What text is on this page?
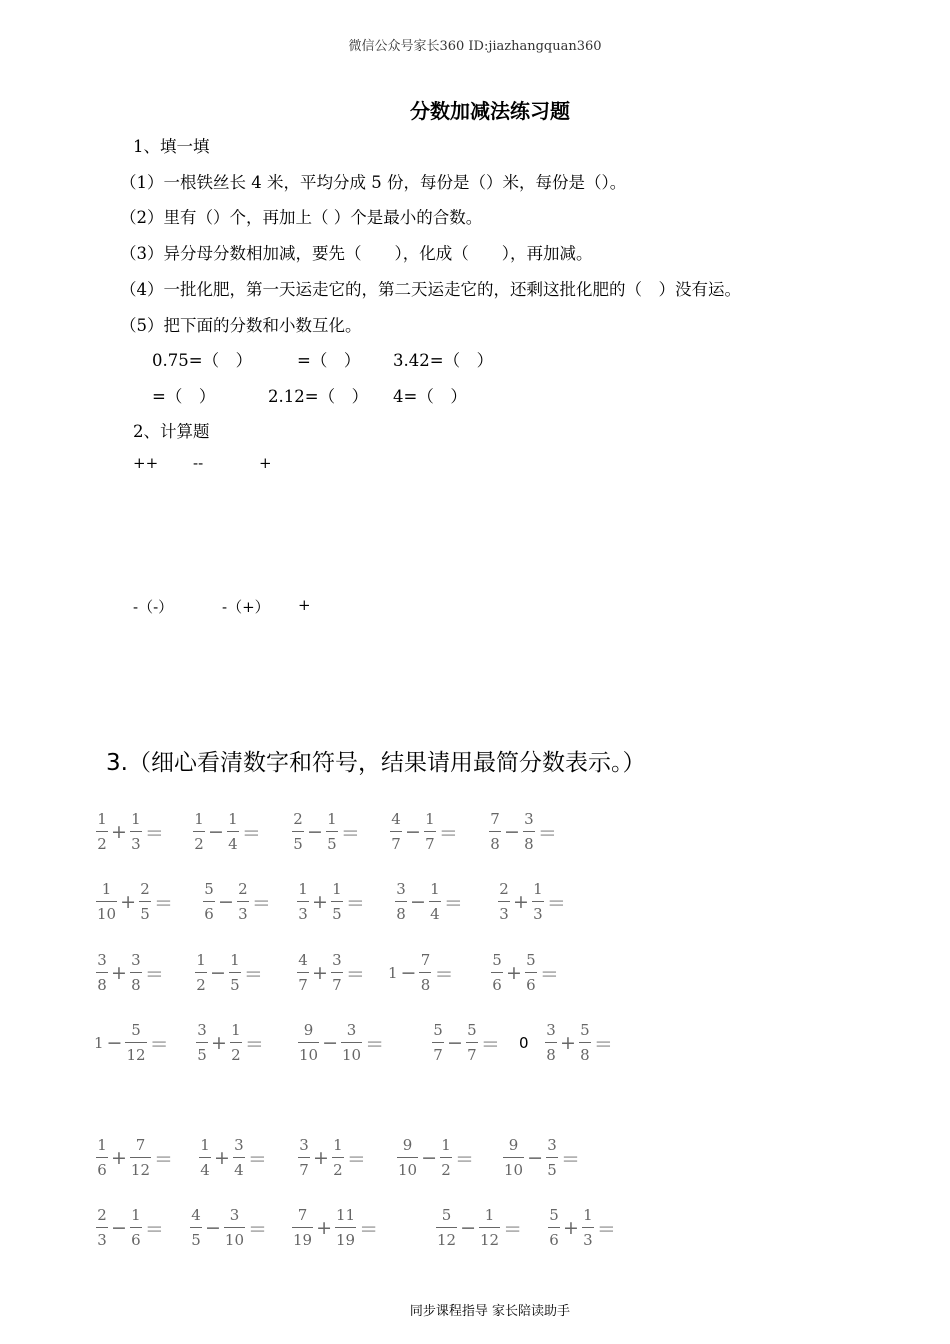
微信公众号家长360 ID:jiazhangquan360
分数加减法练习题
1、填一填
（1）一根铁丝长 4 米，平均分成 5 份，每份是（）米，每份是（）。
（2）里有（）个，再加上（ ）个是最小的合数。
（3）异分母分数相加减，要先（　　），化成（　　），再加减。
（4）一批化肥，第一天运走它的，第二天运走它的，还剩这批化肥的（　）没有运。
（5）把下面的分数和小数互化。
0.75=（　）	=（　） 3.42=（　）
=（　）	2.12=（　） 4=（　）
2、计算题
++ --	+
-（-）	-（+） +
3.（细心看清数字和符号，结果请用最简分数表示。）
$\frac{1}{2} + \frac{1}{3} = \frac{1}{2} - \frac{1}{4} = \frac{2}{5} - \frac{1}{5} = \frac{4}{7} - \frac{1}{7} = \frac{7}{8} - \frac{3}{8}$ ＝
$\frac{1}{10} + \frac{2}{5} = \frac{5}{6} - \frac{2}{3} = \frac{1}{3} + \frac{1}{5} = \frac{3}{8} - \frac{1}{4} = \frac{2}{3} + \frac{1}{3}$ ＝
$\frac{3}{8} + \frac{3}{8} = \frac{1}{2} - \frac{1}{5} = \frac{4}{7} + \frac{3}{7} = 1 - \frac{7}{8}$ ＝	$\frac{5}{6} + \frac{5}{6}$ ＝
$1 - \frac{5}{12} = \frac{3}{5} + \frac{1}{2} = \frac{9}{10} - \frac{3}{10}$ ＝	$\frac{5}{7} - \frac{5}{7} = 0 \frac{3}{8} + \frac{5}{8}$ ＝
$\frac{1}{6} + \frac{7}{12} = \frac{1}{4} + \frac{3}{4} = \frac{3}{7} + \frac{1}{2} = \frac{9}{10} - \frac{1}{2} = \frac{9}{10} - \frac{3}{5}$ ＝
$\frac{2}{3} - \frac{1}{6} = \frac{4}{5} - \frac{3}{10} = \frac{7}{19} + \frac{11}{19}$ ＝	$\frac{5}{12} - \frac{1}{12} = \frac{5}{6} + \frac{1}{3}$ ＝
同步课程指导 家长陪读助手
